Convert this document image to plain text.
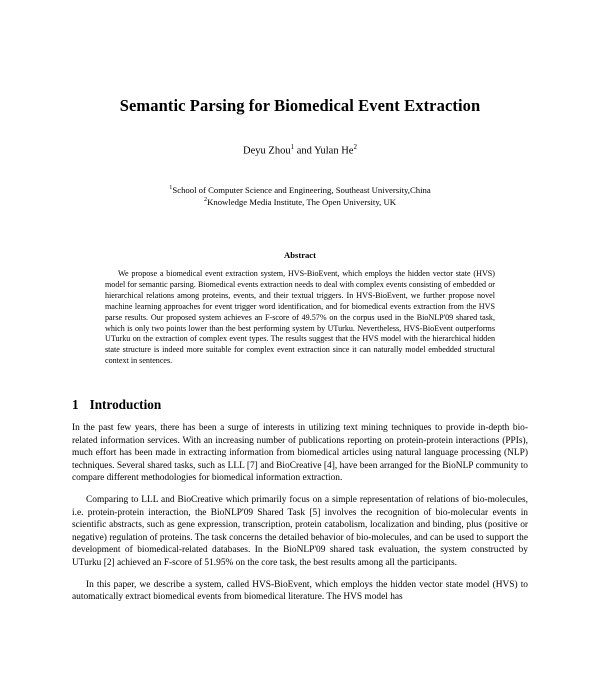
Semantic Parsing for Biomedical Event Extraction
Deyu Zhou$^1$ and Yulan He$^2$
$^1$School of Computer Science and Engineering, Southeast University,China
$^2$Knowledge Media Institute, The Open University, UK
Abstract

We propose a biomedical event extraction system, HVS-BioEvent, which employs the hidden vector state (HVS) model for semantic parsing. Biomedical events extraction needs to deal with complex events consisting of embedded or hierarchical relations among proteins, events, and their textual triggers. In HVS-BioEvent, we further propose novel machine learning approaches for event trigger word identification, and for biomedical events extraction from the HVS parse results. Our proposed system achieves an F-score of 49.57% on the corpus used in the BioNLP'09 shared task, which is only two points lower than the best performing system by UTurku. Nevertheless, HVS-BioEvent outperforms UTurku on the extraction of complex event types. The results suggest that the HVS model with the hierarchical hidden state structure is indeed more suitable for complex event extraction since it can naturally model embedded structural context in sentences.

1 Introduction

In the past few years, there has been a surge of interests in utilizing text mining techniques to provide in-depth bio-related information services. With an increasing number of publications reporting on protein-protein interactions (PPIs), much effort has been made in extracting information from biomedical articles using natural language processing (NLP) techniques. Several shared tasks, such as LLL [7] and BioCreative [4], have been arranged for the BioNLP community to compare different methodologies for biomedical information extraction.

Comparing to LLL and BioCreative which primarily focus on a simple representation of relations of bio-molecules, i.e. protein-protein interaction, the BioNLP'09 Shared Task [5] involves the recognition of bio-molecular events in scientific abstracts, such as gene expression, transcription, protein catabolism, localization and binding, plus (positive or negative) regulation of proteins. The task concerns the detailed behavior of bio-molecules, and can be used to support the development of biomedical-related databases. In the BioNLP'09 shared task evaluation, the system constructed by UTurku [2] achieved an F-score of 51.95% on the core task, the best results among all the participants.

In this paper, we describe a system, called HVS-BioEvent, which employs the hidden vector state model (HVS) to automatically extract biomedical events from biomedical literature. The HVS model has
